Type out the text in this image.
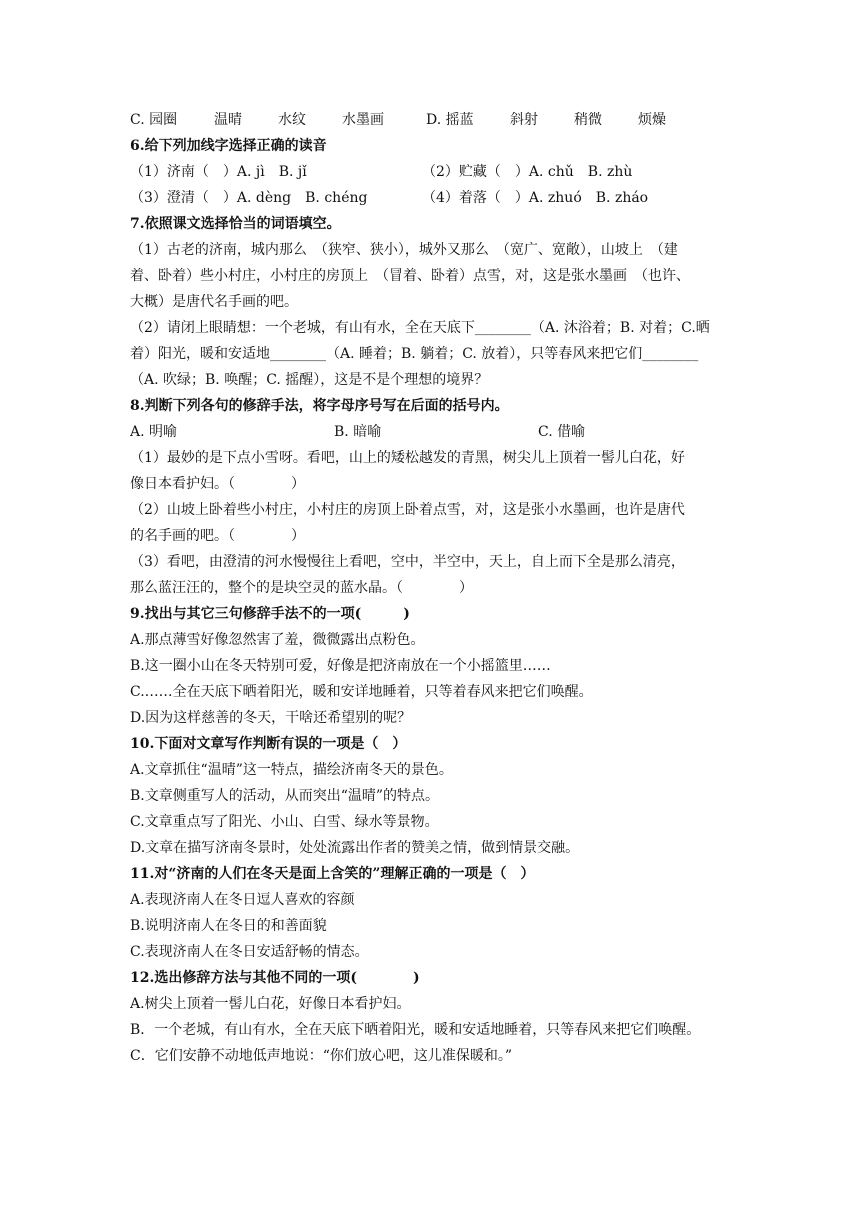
C. 园圈	温晴	水纹	水墨画	D. 摇蓝	斜射	稍微	烦燥
6.给下列加线字选择正确的读音
（1）济南（　）A. jì　B. jǐ	（2）贮藏（　）A. chǔ　B. zhù
（3）澄清（　）A. dèng　B. chéng	（4）着落（　）A. zhuó　B. zháo
7.依照课文选择恰当的词语填空。
（1）古老的济南，城内那么　（狭窄、狭小），城外又那么　（宽广、宽敞），山坡上　（建
着、卧着）些小村庄，小村庄的房顶上　（冒着、卧着）点雪，对，这是张水墨画　（也许、
大概）是唐代名手画的吧。
（2）请闭上眼睛想：一个老城，有山有水，全在天底下________（A. 沐浴着；B. 对着；C.晒
着）阳光，暖和安适地________（A. 睡着；B. 躺着；C. 放着），只等春风来把它们________
（A. 吹绿；B. 唤醒；C. 摇醒），这是不是个理想的境界？
8.判断下列各句的修辞手法，将字母序号写在后面的括号内。
A. 明喻	B. 暗喻	C. 借喻
（1）最妙的是下点小雪呀。看吧，山上的矮松越发的青黑，树尖儿上顶着一髻儿白花，好
像日本看护妇。（　　　　）
（2）山坡上卧着些小村庄，小村庄的房顶上卧着点雪，对，这是张小水墨画，也许是唐代
的名手画的吧。（　　　　）
（3）看吧，由澄清的河水慢慢往上看吧，空中，半空中，天上，自上而下全是那么清亮，
那么蓝汪汪的，整个的是块空灵的蓝水晶。（　　　　）
9.找出与其它三句修辞手法不的一项(　　　)
A.那点薄雪好像忽然害了羞，微微露出点粉色。
B.这一圈小山在冬天特别可爱，好像是把济南放在一个小摇篮里……
C.……全在天底下晒着阳光，暖和安详地睡着，只等着春风来把它们唤醒。
D.因为这样慈善的冬天，干啥还希望别的呢？
10.下面对文章写作判断有误的一项是（　）
A.文章抓住“温晴”这一特点，描绘济南冬天的景色。
B.文章侧重写人的活动，从而突出“温晴”的特点。
C.文章重点写了阳光、小山、白雪、绿水等景物。
D.文章在描写济南冬景时，处处流露出作者的赞美之情，做到情景交融。
11.对“济南的人们在冬天是面上含笑的”理解正确的一项是（　）
A.表现济南人在冬日逗人喜欢的容颜
B.说明济南人在冬日的和善面貌
C.表现济南人在冬日安适舒畅的情态。
12.选出修辞方法与其他不同的一项(　　　　)
A.树尖上顶着一髻儿白花，好像日本看护妇。
B．一个老城，有山有水，全在天底下晒着阳光，暖和安适地睡着，只等春风来把它们唤醒。
C．它们安静不动地低声地说：“你们放心吧，这儿准保暖和。”
